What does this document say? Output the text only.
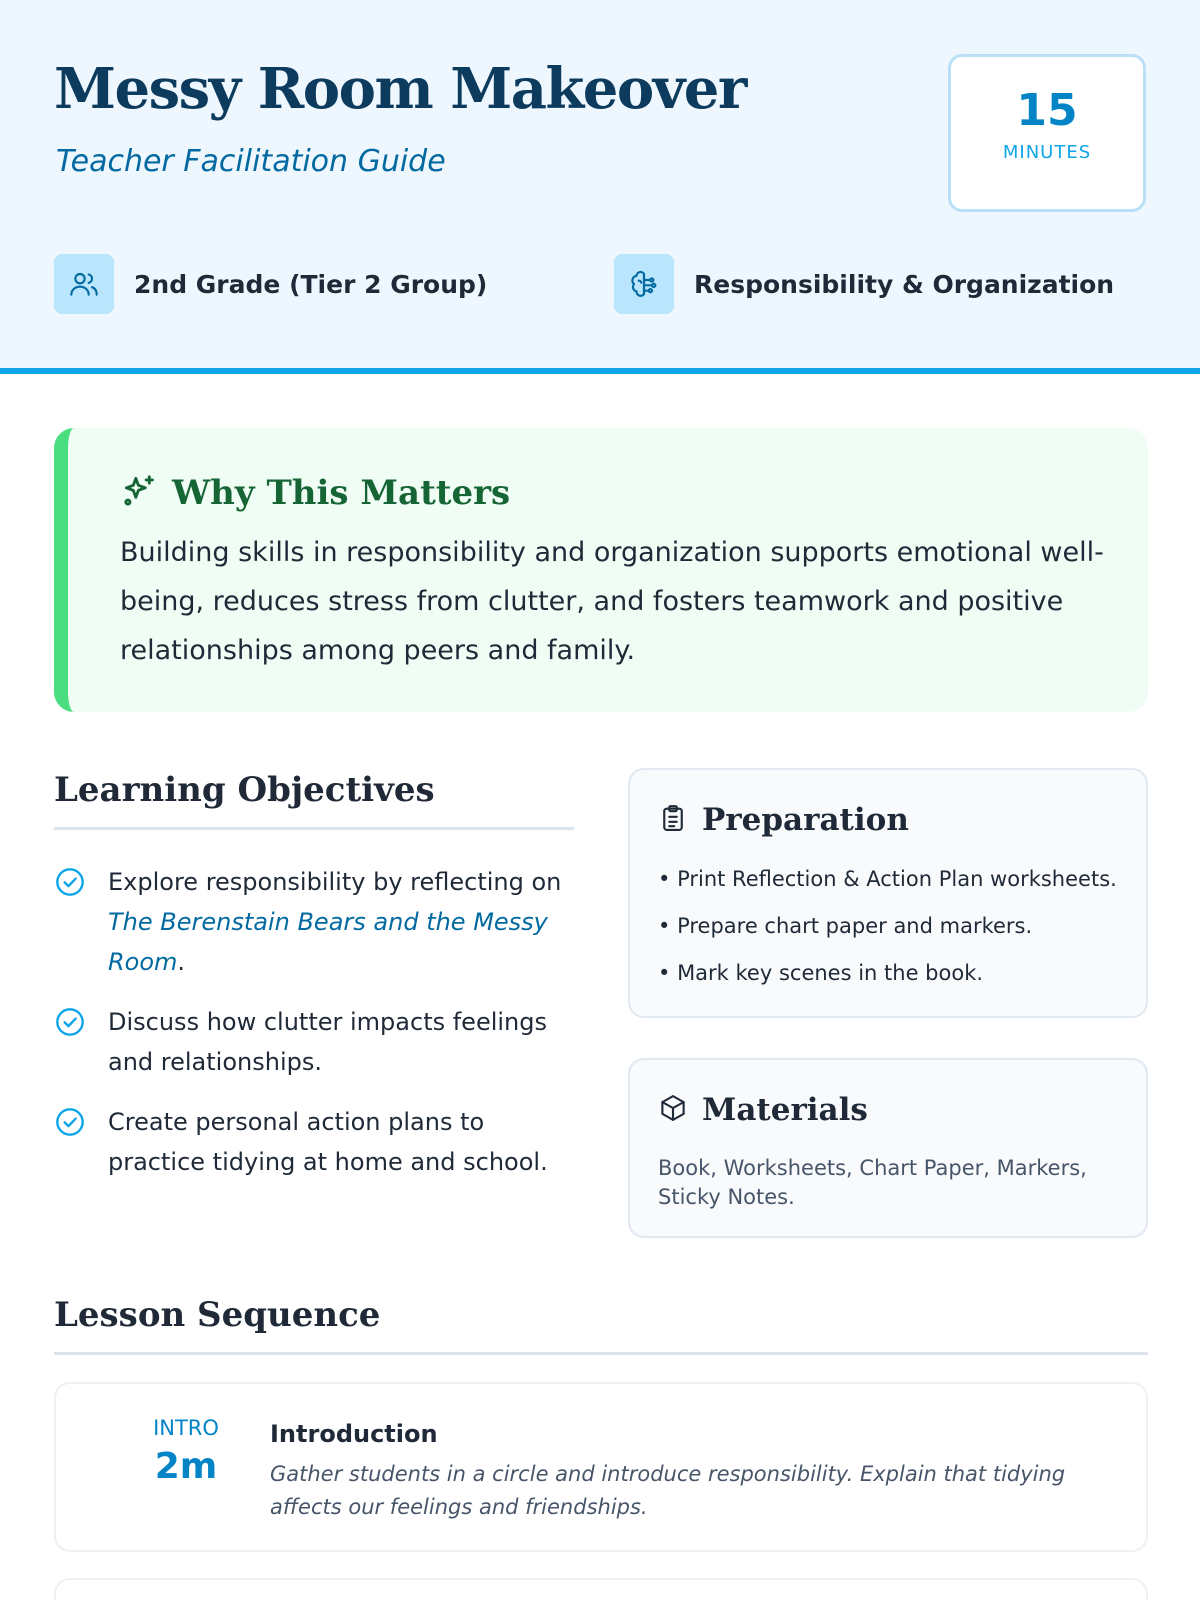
Messy Room Makeover
Teacher Facilitation Guide
15
MINUTES
2nd Grade (Tier 2 Group)	Responsibility & Organization
Why This Matters

Building skills in responsibility and organization supports emotional well-being, reduces stress from clutter, and fosters teamwork and positive relationships among peers and family.

Learning Objectives
Explore responsibility by reflecting on The Berenstain Bears and the Messy Room.
Discuss how clutter impacts feelings and relationships.
Create personal action plans to practice tidying at home and school.
Preparation
• Print Reflection & Action Plan worksheets.
• Prepare chart paper and markers.
• Mark key scenes in the book.
Materials

Book, Worksheets, Chart Paper, Markers, Sticky Notes.

Lesson Sequence
INTRO
2m
Introduction
Gather students in a circle and introduce responsibility. Explain that tidying affects our feelings and friendships.
